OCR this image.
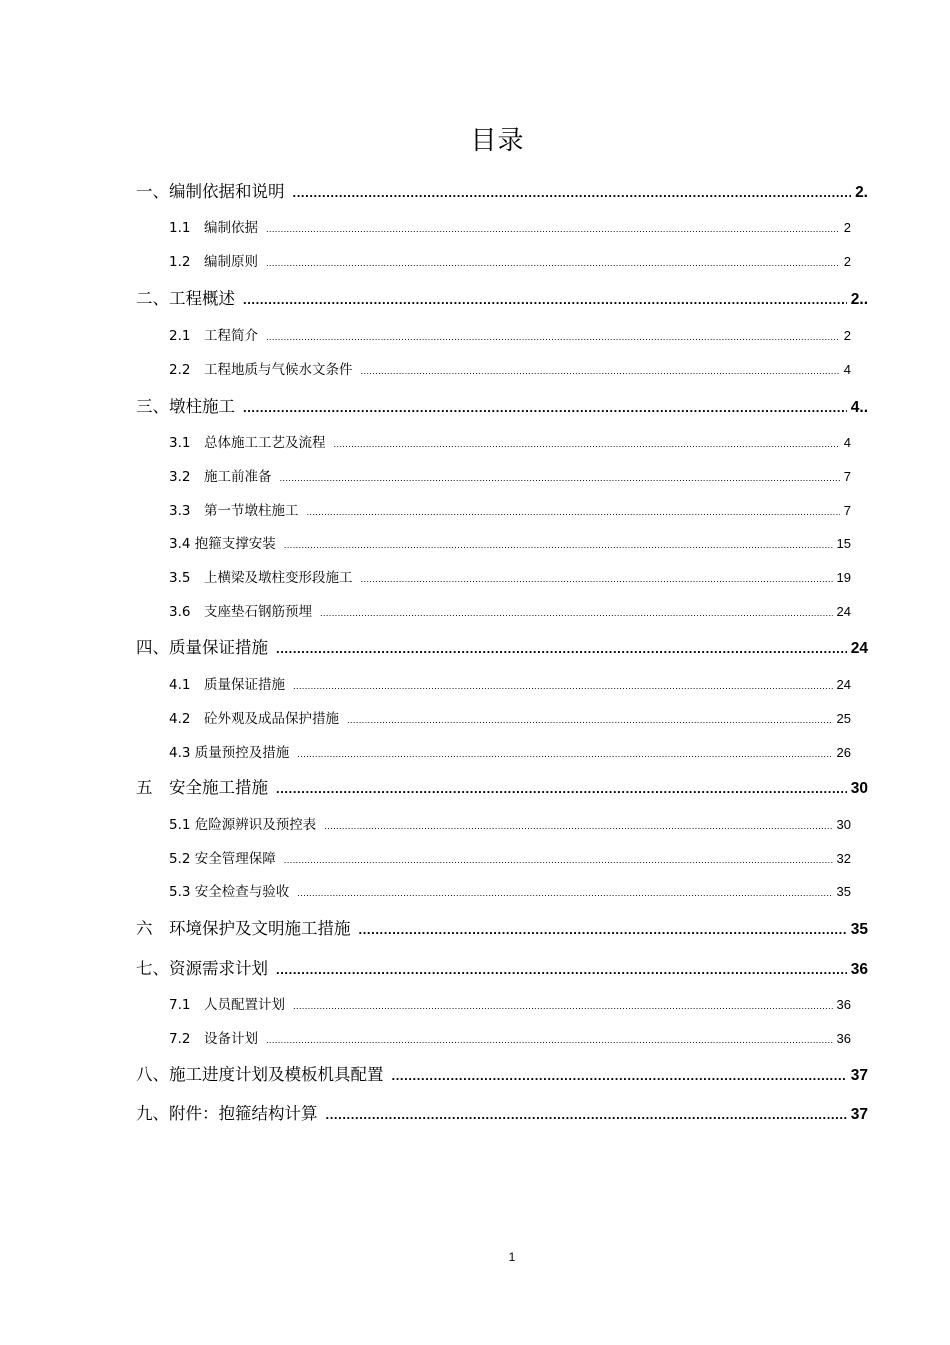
目录
一、编制依据和说明 .....	2.
1.1　编制依据 .....	2
1.2　编制原则 .....	2
二、工程概述 .....	2..
2.1　工程简介 .....	2
2.2　工程地质与气候水文条件 .....	4
三、墩柱施工 .....	4..
3.1　总体施工工艺及流程 .....	4
3.2　施工前准备 .....	7
3.3　第一节墩柱施工 .....	7
3.4 抱箍支撑安装 .....	15
3.5　上横梁及墩柱变形段施工 .....	19
3.6　支座垫石钢筋预埋 .....	24
四、质量保证措施 .....	24
4.1　质量保证措施 .....	24
4.2　砼外观及成品保护措施 .....	25
4.3 质量预控及措施 .....	26
五　安全施工措施 .....	30
5.1 危险源辨识及预控表 .....	30
5.2 安全管理保障 .....	32
5.3 安全检查与验收 .....	35
六　环境保护及文明施工措施 .....	35
七、资源需求计划 .....	36
7.1　人员配置计划 .....	36
7.2　设备计划 .....	36
八、施工进度计划及模板机具配置 .....	37
九、附件：抱箍结构计算 .....	37
1
